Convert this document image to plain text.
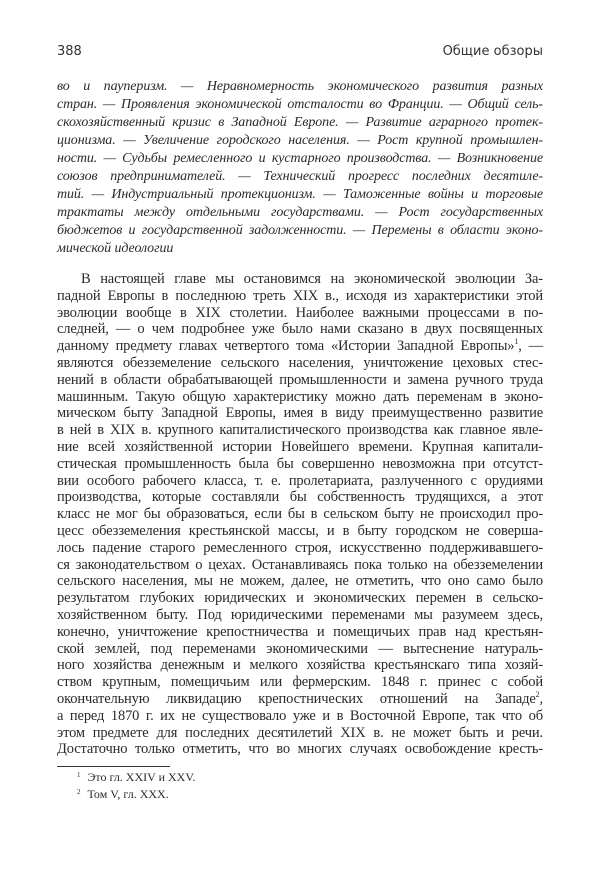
388	Общие обзоры
во и пауперизм. — Неравномерность экономического развития разных
стран. — Проявления экономической отсталости во Франции. — Общий сель-
скохозяйственный кризис в Западной Европе. — Развитие аграрного протек-
ционизма. — Увеличение городского населения. — Рост крупной промышлен-
ности. — Судьбы ремесленного и кустарного производства. — Возникновение
союзов предпринимателей. — Технический прогресс последних десятиле-
тий. — Индустриальный протекционизм. — Таможенные войны и торговые
трактаты между отдельными государствами. — Рост государственных
бюджетов и государственной задолженности. — Перемены в области эконо-
мической идеологии
В настоящей главе мы остановимся на экономической эволюции За-
падной Европы в последнюю треть XIX в., исходя из характеристики этой
эволюции вообще в XIX столетии. Наиболее важными процессами в по-
следней, — о чем подробнее уже было нами сказано в двух посвященных
данному предмету главах четвертого тома «Истории Западной Европы»$^1$, —
являются обезземеление сельского населения, уничтожение цеховых стес-
нений в области обрабатывающей промышленности и замена ручного труда
машинным. Такую общую характеристику можно дать переменам в эконо-
мическом быту Западной Европы, имея в виду преимущественно развитие
в ней в XIX в. крупного капиталистического производства как главное явле-
ние всей хозяйственной истории Новейшего времени. Крупная капитали-
стическая промышленность была бы совершенно невозможна при отсутст-
вии особого рабочего класса, т. е. пролетариата, разлученного с орудиями
производства, которые составляли бы собственность трудящихся, а этот
класс не мог бы образоваться, если бы в сельском быту не происходил про-
цесс обезземеления крестьянской массы, и в быту городском не соверша-
лось падение старого ремесленного строя, искусственно поддерживавшего-
ся законодательством о цехах. Останавливаясь пока только на обезземелении
сельского населения, мы не можем, далее, не отметить, что оно само было
результатом глубоких юридических и экономических перемен в сельско-
хозяйственном быту. Под юридическими переменами мы разумеем здесь,
конечно, уничтожение крепостничества и помещичьих прав над крестьян-
ской землей, под переменами экономическими — вытеснение натураль-
ного хозяйства денежным и мелкого хозяйства крестьянскаго типа хозяй-
ством крупным, помещичьим или фермерским. 1848 г. принес с собой
окончательную ликвидацию крепостнических отношений на Западе$^2$,
а перед 1870 г. их не существовало уже и в Восточной Европе, так что об
этом предмете для последних десятилетий XIX в. не может быть и речи.
Достаточно только отметить, что во многих случаях освобождение кресть-
$^1$ Это гл. XXIV и XXV.
$^2$ Том V, гл. XXX.
